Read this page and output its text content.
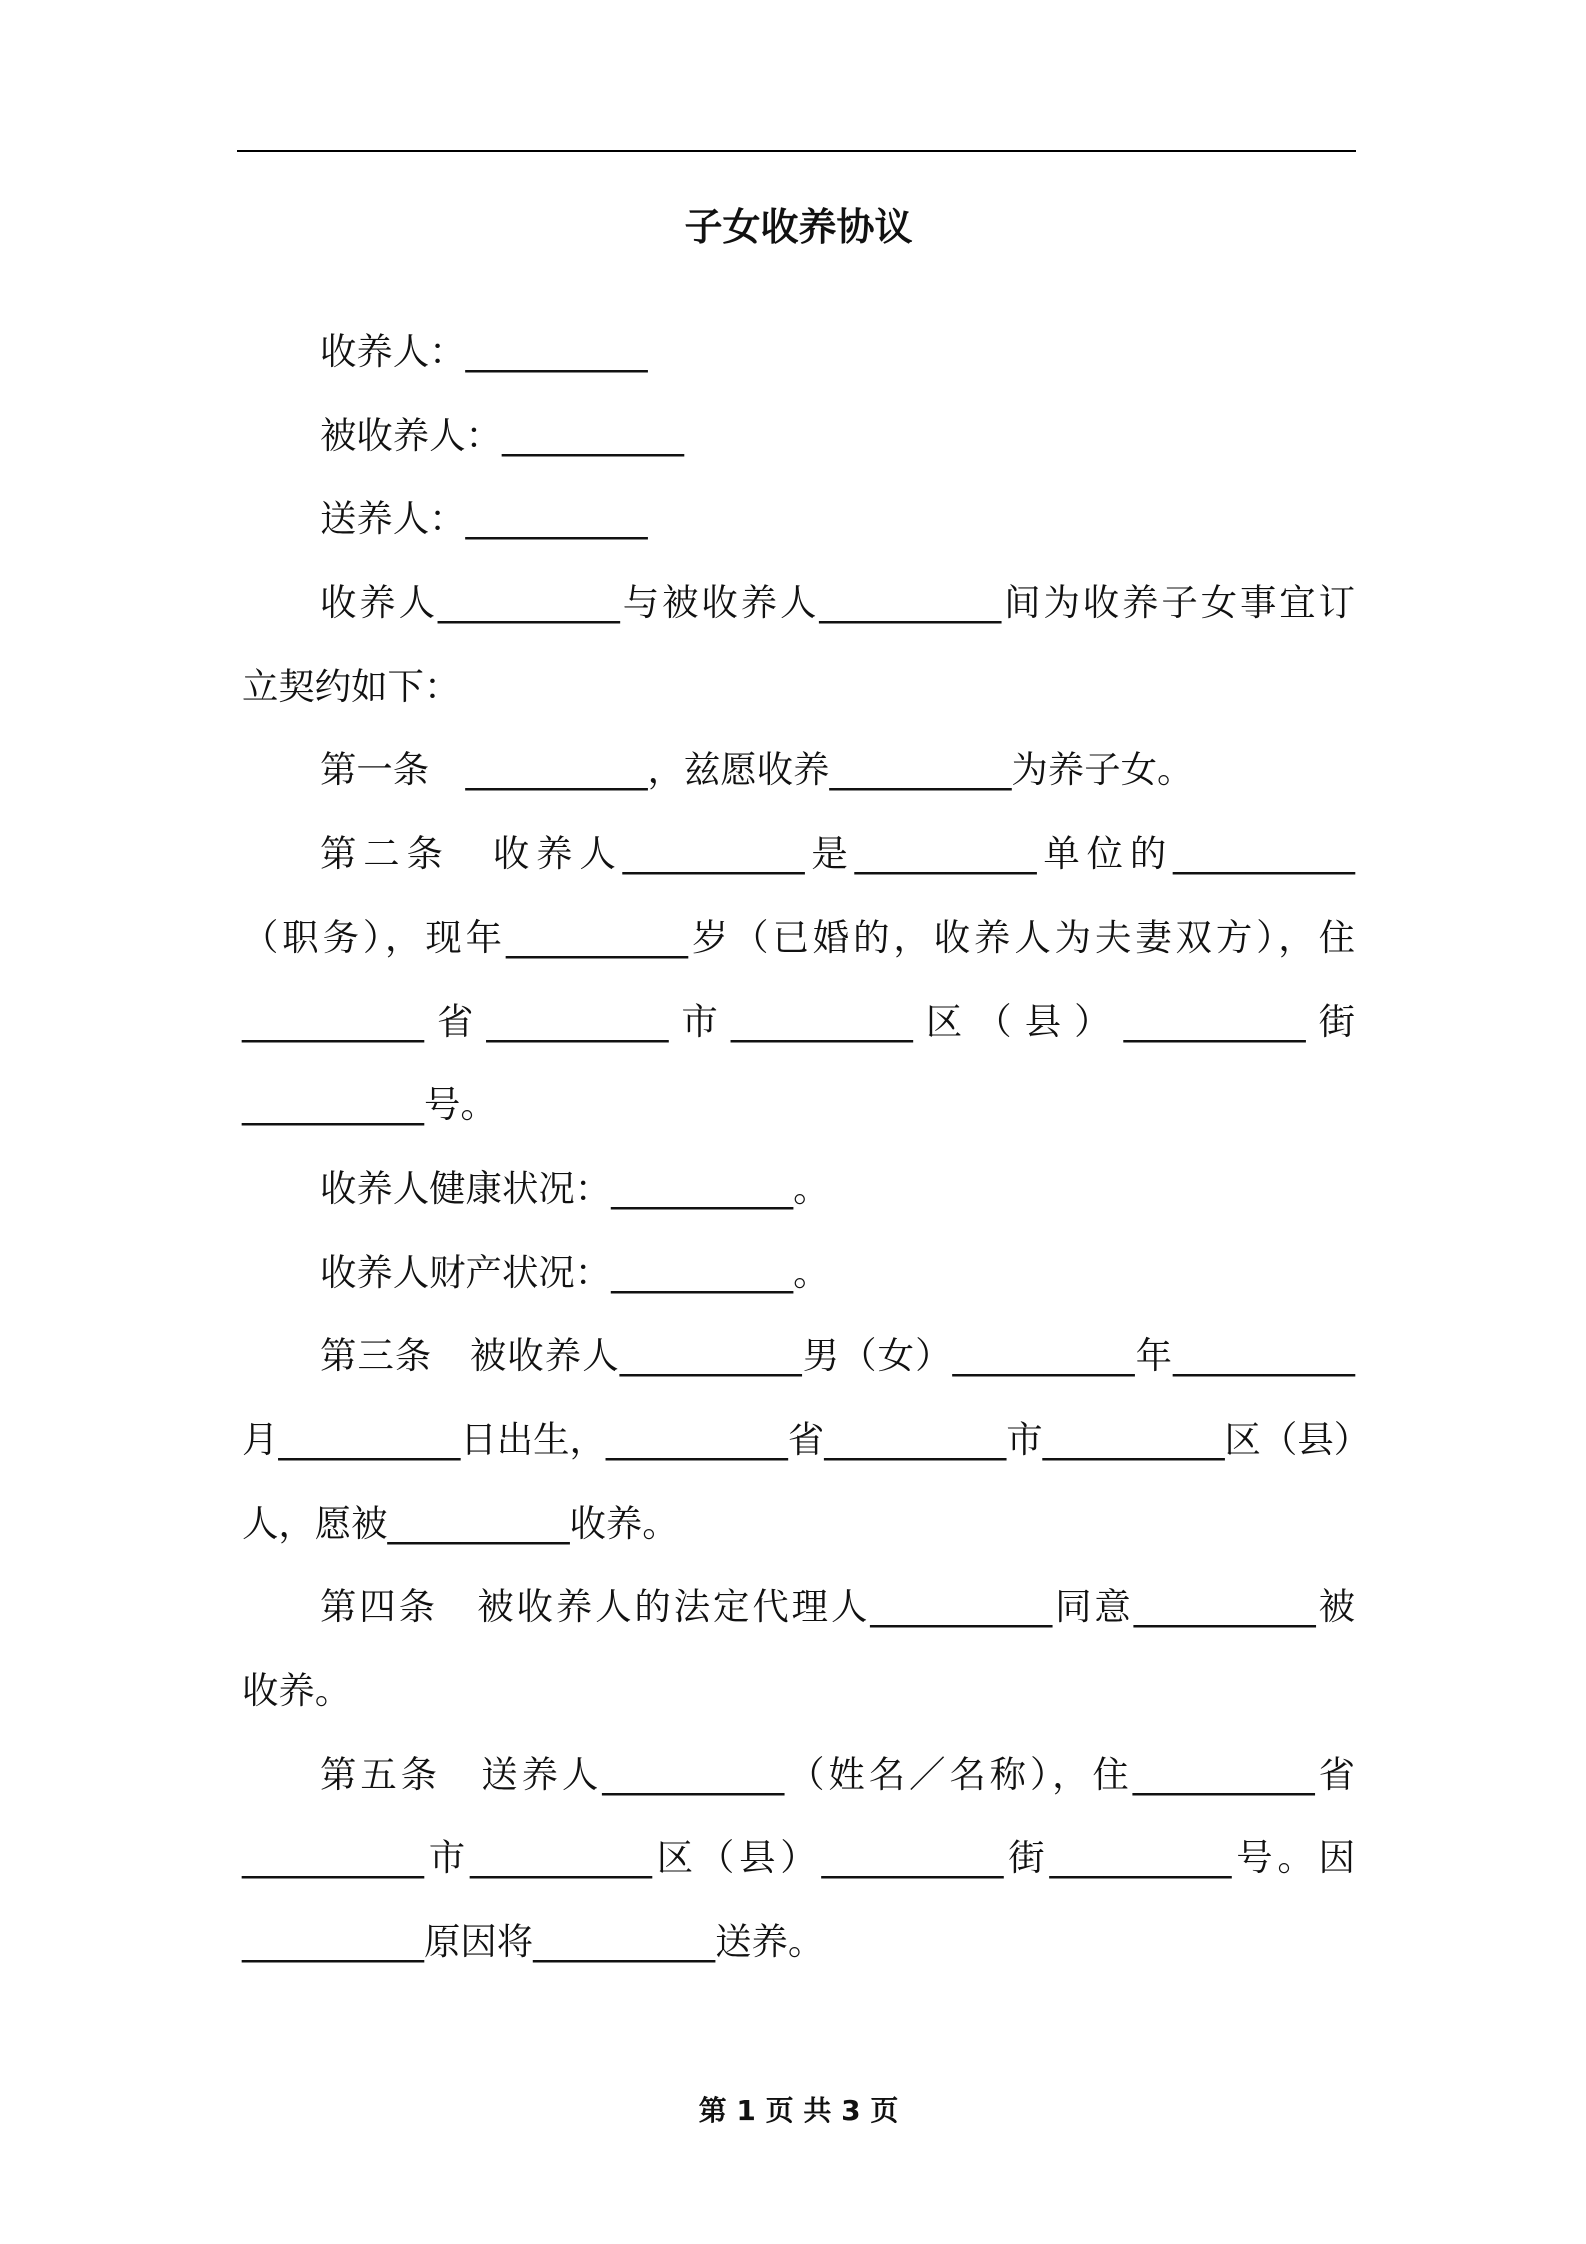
子女收养协议
收养人：__________
被收养人：__________
送养人：__________
收养人__________与被收养人__________间为收养子女事宜订
立契约如下：
第一条　__________，兹愿收养__________为养子女。
第二条　收养人__________是__________单位的__________
（职务），现年__________岁（已婚的，收养人为夫妻双方），住
__________省__________市__________区（县）__________街
__________号。
收养人健康状况：__________。
收养人财产状况：__________。
第三条　被收养人__________男（女）__________年__________
月__________日出生，__________省__________市__________区（县）
人，愿被__________收养。
第四条　被收养人的法定代理人__________同意__________被
收养。
第五条　送养人__________（姓名／名称），住__________省
__________市__________区（县）__________街__________号。因
__________原因将__________送养。
第 1 页 共 3 页
